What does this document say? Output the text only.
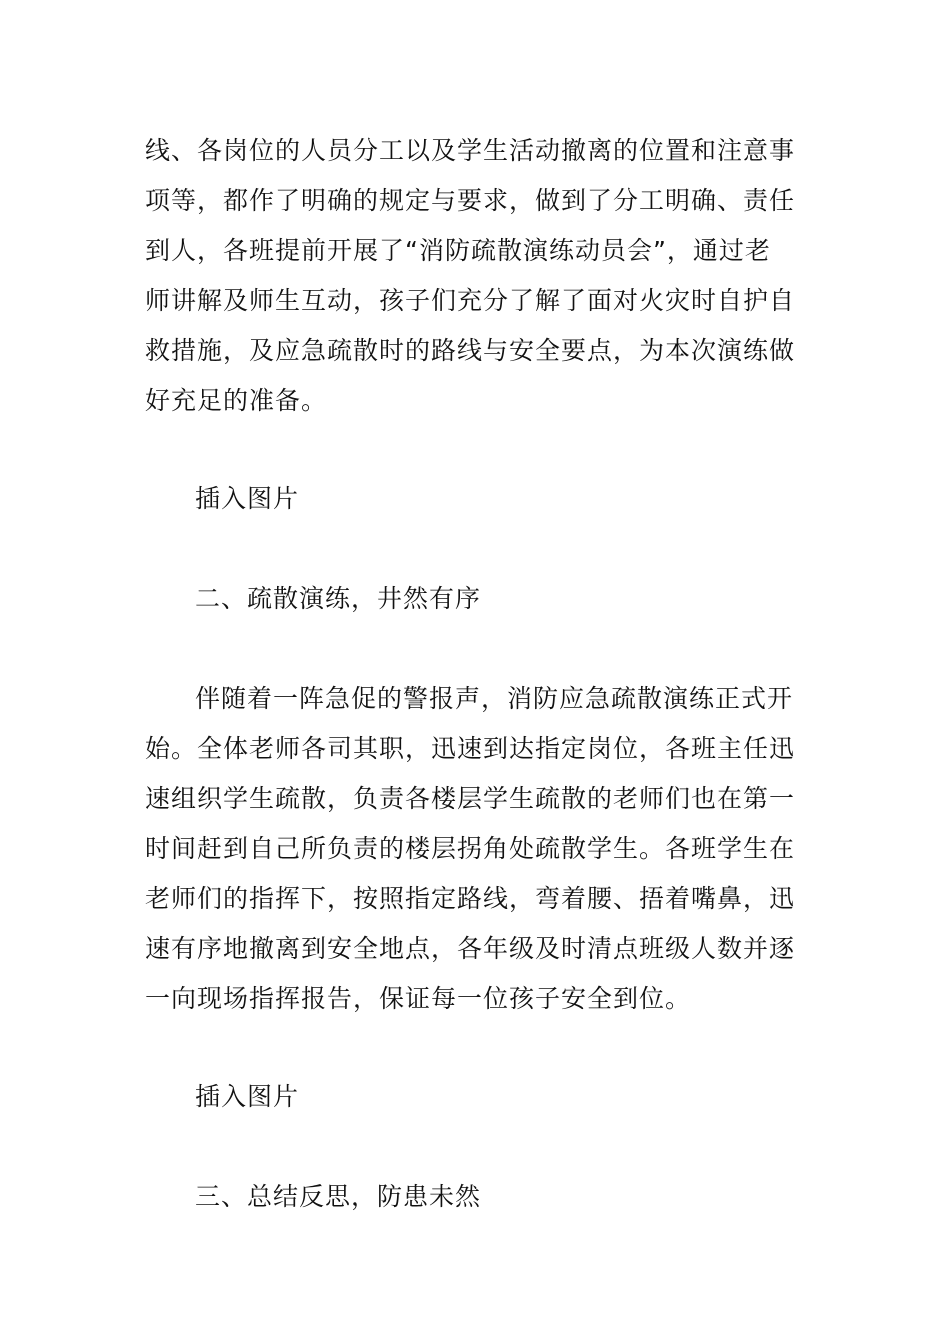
线、各岗位的人员分工以及学生活动撤离的位置和注意事
项等，都作了明确的规定与要求，做到了分工明确、责任
到人，各班提前开展了“消防疏散演练动员会”，通过老
师讲解及师生互动，孩子们充分了解了面对火灾时自护自
救措施，及应急疏散时的路线与安全要点，为本次演练做
好充足的准备。
插入图片
二、疏散演练，井然有序
伴随着一阵急促的警报声，消防应急疏散演练正式开
始。全体老师各司其职，迅速到达指定岗位，各班主任迅
速组织学生疏散，负责各楼层学生疏散的老师们也在第一
时间赶到自己所负责的楼层拐角处疏散学生。各班学生在
老师们的指挥下，按照指定路线，弯着腰、捂着嘴鼻，迅
速有序地撤离到安全地点，各年级及时清点班级人数并逐
一向现场指挥报告，保证每一位孩子安全到位。
插入图片
三、总结反思，防患未然
